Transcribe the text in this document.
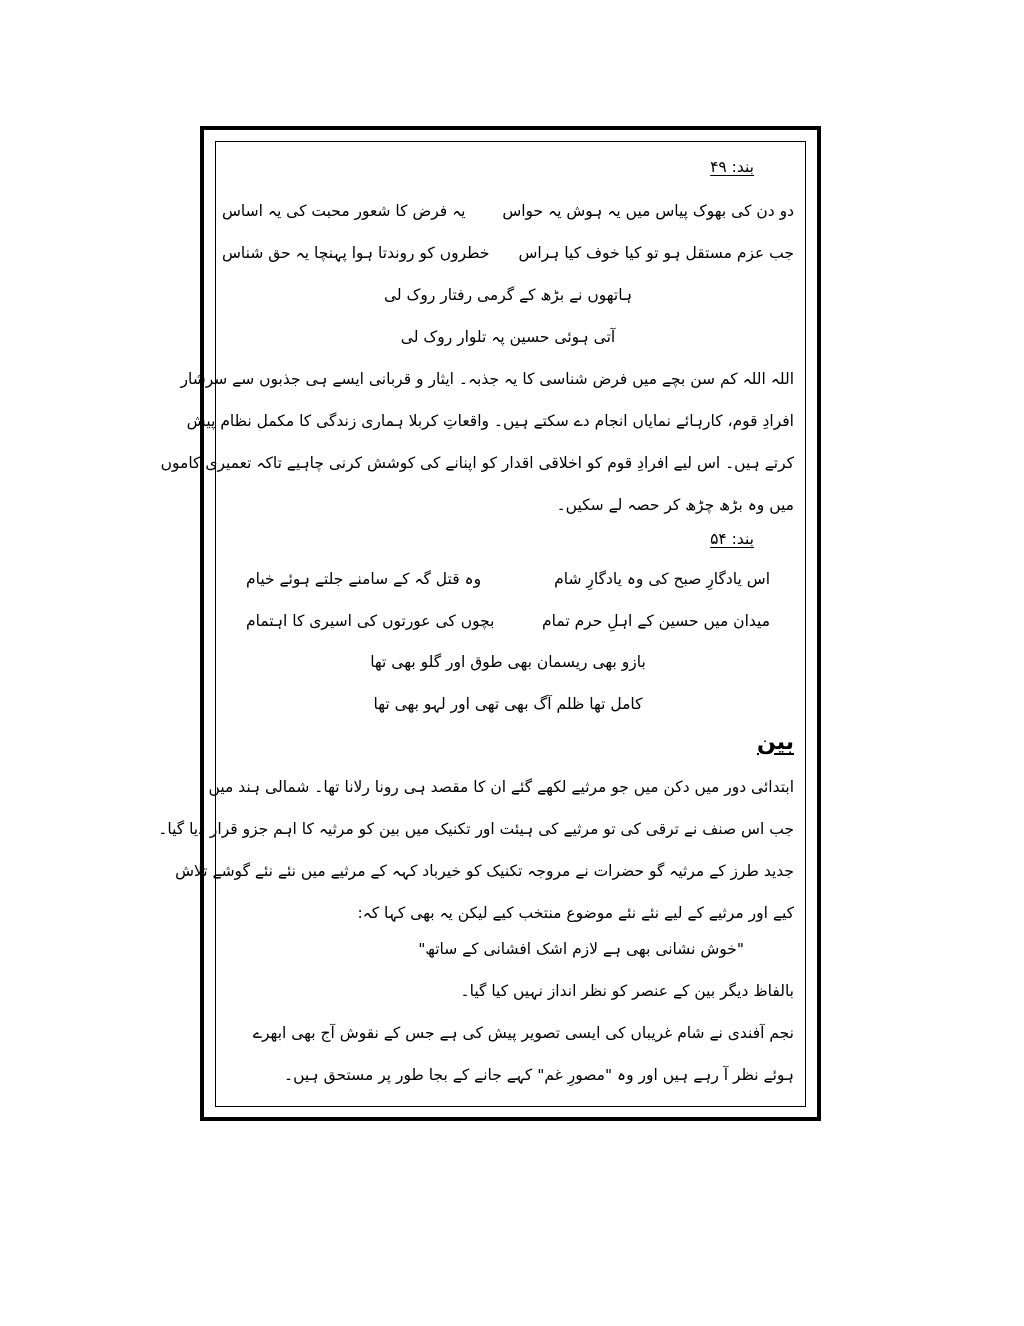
بند: ۴۹
دو دن کی بھوک پیاس میں یہ ہوش یہ حواس
یہ فرض کا شعور محبت کی یہ اساس
جب عزم مستقل ہو تو کیا خوف کیا ہراس
خطروں کو روندتا ہوا پہنچا یہ حق شناس
ہاتھوں نے بڑھ کے گرمی رفتار روک لی
آتی ہوئی حسین پہ تلوار روک لی
اللہ اللہ کم سن بچے میں فرض شناسی کا یہ جذبہ۔ ایثار و قربانی ایسے ہی جذبوں سے سرشار
افرادِ قوم، کارہائے نمایاں انجام دے سکتے ہیں۔ واقعاتِ کربلا ہماری زندگی کا مکمل نظام پیش
کرتے ہیں۔ اس لیے افرادِ قوم کو اخلاقی اقدار کو اپنانے کی کوشش کرنی چاہیے تاکہ تعمیری کاموں
میں وہ بڑھ چڑھ کر حصہ لے سکیں۔
بند: ۵۴
اس یادگارِ صبح کی وہ یادگارِ شام
وہ قتل گہ کے سامنے جلتے ہوئے خیام
میدان میں حسین کے اہلِ حرم تمام
بچوں کی عورتوں کی اسیری کا اہتمام
بازو بھی ریسمان بھی طوق اور گلو بھی تھا
کامل تھا ظلم آگ بھی تھی اور لہو بھی تھا
بین
ابتدائی دور میں دکن میں جو مرثیے لکھے گئے ان کا مقصد ہی رونا رلانا تھا۔ شمالی ہند میں
جب اس صنف نے ترقی کی تو مرثیے کی ہیئت اور تکنیک میں بین کو مرثیہ کا اہم جزو قرار دیا گیا۔
جدید طرز کے مرثیہ گو حضرات نے مروجہ تکنیک کو خیرباد کہہ کے مرثیے میں نئے نئے گوشے تلاش
کیے اور مرثیے کے لیے نئے نئے موضوع منتخب کیے لیکن یہ بھی کہا کہ:
"خوش نشانی بھی ہے لازم اشک افشانی کے ساتھ"
بالفاظ دیگر بین کے عنصر کو نظر انداز نہیں کیا گیا۔
نجم آفندی نے شام غریباں کی ایسی تصویر پیش کی ہے جس کے نقوش آج بھی ابھرے
ہوئے نظر آ رہے ہیں اور وہ "مصورِ غم" کہے جانے کے بجا طور پر مستحق ہیں۔
